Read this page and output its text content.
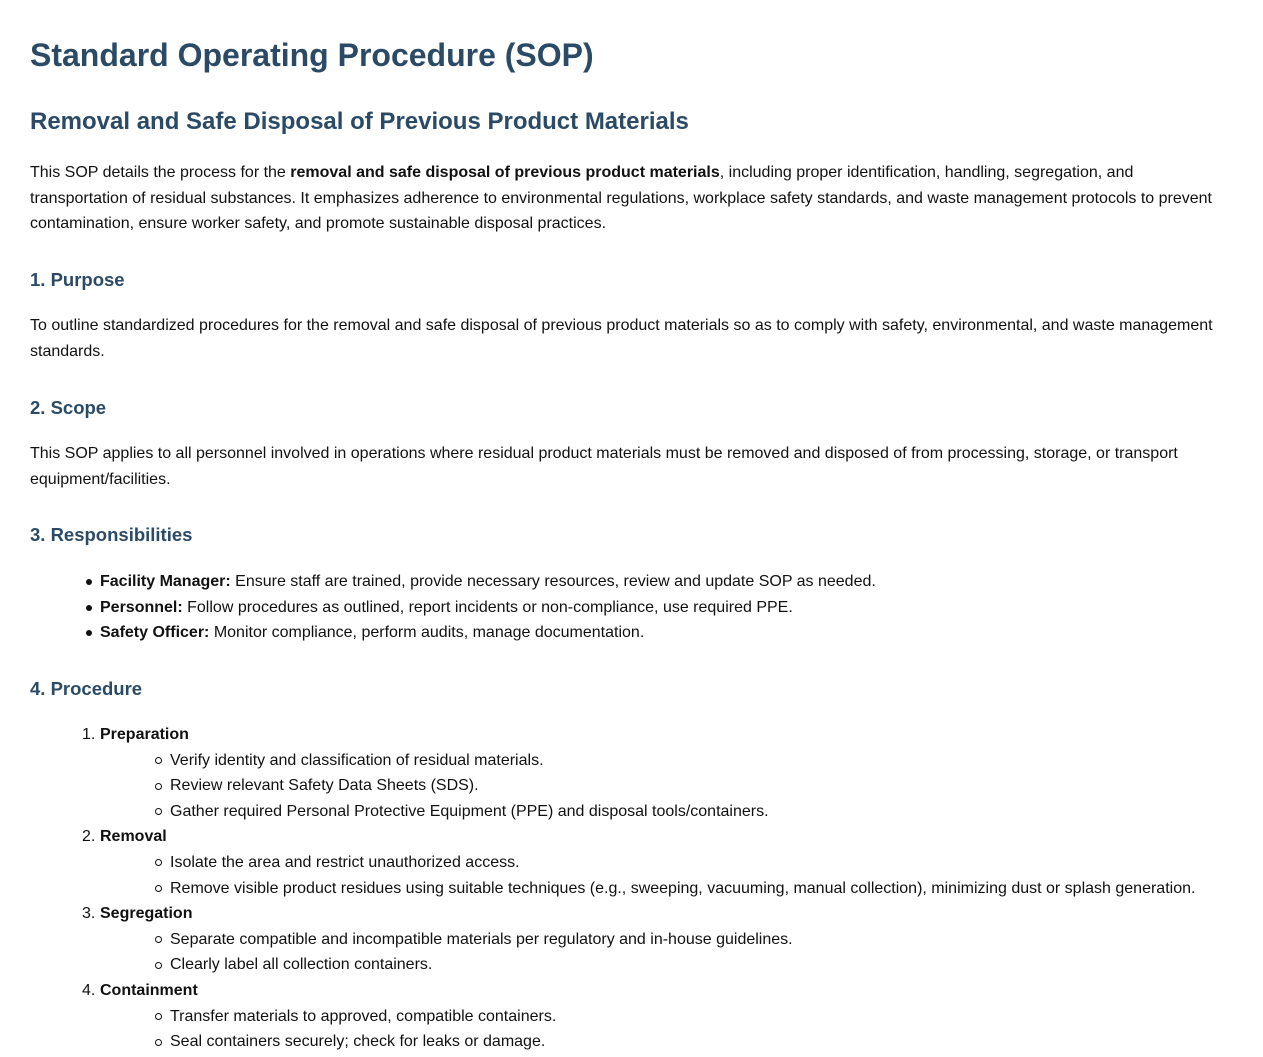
Standard Operating Procedure (SOP)
Removal and Safe Disposal of Previous Product Materials

This SOP details the process for the removal and safe disposal of previous product materials, including proper identification, handling, segregation, and transportation of residual substances. It emphasizes adherence to environmental regulations, workplace safety standards, and waste management protocols to prevent contamination, ensure worker safety, and promote sustainable disposal practices.

1. Purpose

To outline standardized procedures for the removal and safe disposal of previous product materials so as to comply with safety, environmental, and waste management standards.

2. Scope

This SOP applies to all personnel involved in operations where residual product materials must be removed and disposed of from processing, storage, or transport equipment/facilities.

3. Responsibilities
Facility Manager: Ensure staff are trained, provide necessary resources, review and update SOP as needed.
Personnel: Follow procedures as outlined, report incidents or non-compliance, use required PPE.
Safety Officer: Monitor compliance, perform audits, manage documentation.
4. Procedure
1. Preparation
Verify identity and classification of residual materials.
Review relevant Safety Data Sheets (SDS).
Gather required Personal Protective Equipment (PPE) and disposal tools/containers.
2. Removal
Isolate the area and restrict unauthorized access.
Remove visible product residues using suitable techniques (e.g., sweeping, vacuuming, manual collection), minimizing dust or splash generation.
3. Segregation
Separate compatible and incompatible materials per regulatory and in-house guidelines.
Clearly label all collection containers.
4. Containment
Transfer materials to approved, compatible containers.
Seal containers securely; check for leaks or damage.
